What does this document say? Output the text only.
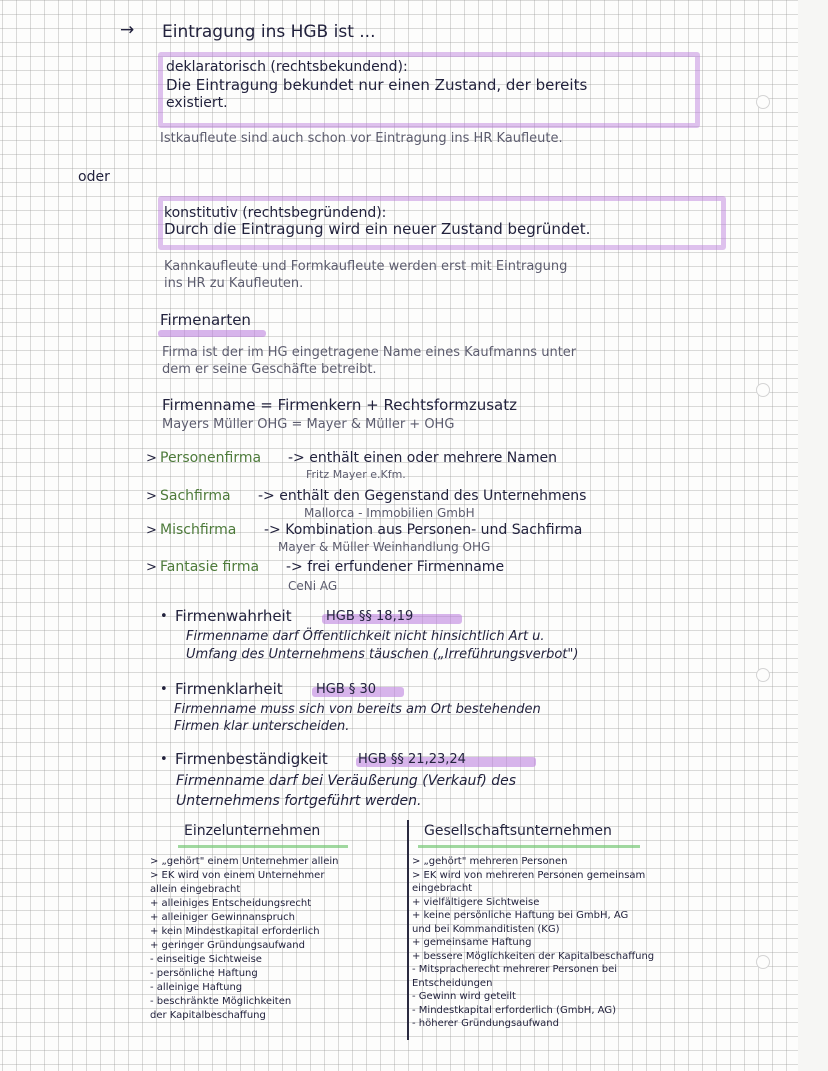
→ Eintragung ins HGB ist ...
oder
deklaratorisch (rechtsbekundend):
Die Eintragung bekundet nur einen Zustand, der bereits
existiert.
Istkaufleute sind auch schon vor Eintragung ins HR Kaufleute.
konstitutiv (rechtsbegründend):
Durch die Eintragung wird ein neuer Zustand begründet.
Kannkaufleute und Formkaufleute werden erst mit Eintragung
ins HR zu Kaufleuten.
Firmenarten
Firma ist der im HG eingetragene Name eines Kaufmanns unter
dem er seine Geschäfte betreibt.
Firmenname = Firmenkern + Rechtsformzusatz
Mayers Müller OHG = Mayer & Müller + OHG
> Personenfirma -> enthält einen oder mehrere Namen
Fritz Mayer e.Kfm.
> Sachfirma -> enthält den Gegenstand des Unternehmens
Mallorca - Immobilien GmbH
> Mischfirma -> Kombination aus Personen- und Sachfirma
Mayer & Müller Weinhandlung OHG
> Fantasie firma -> frei erfundener Firmenname
CeNi AG
• Firmenwahrheit	HGB §§ 18,19
Firmenname darf Öffentlichkeit nicht hinsichtlich Art u.
Umfang des Unternehmens täuschen („Irreführungsverbot")
• Firmenklarheit	HGB § 30
Firmenname muss sich von bereits am Ort bestehenden
Firmen klar unterscheiden.
• Firmenbeständigkeit HGB §§ 21,23,24
Firmenname darf bei Veräußerung (Verkauf) des
Unternehmens fortgeführt werden.
Einzelunternehmen	Gesellschaftsunternehmen
> „gehört" einem Unternehmer allein
> EK wird von einem Unternehmer
allein eingebracht
+ alleiniges Entscheidungsrecht
+ alleiniger Gewinnanspruch
+ kein Mindestkapital erforderlich
+ geringer Gründungsaufwand
- einseitige Sichtweise
- persönliche Haftung
- alleinige Haftung
- beschränkte Möglichkeiten
der Kapitalbeschaffung
> „gehört" mehreren Personen
> EK wird von mehreren Personen gemeinsam
eingebracht
+ vielfältigere Sichtweise
+ keine persönliche Haftung bei GmbH, AG
und bei Kommanditisten (KG)
+ gemeinsame Haftung
+ bessere Möglichkeiten der Kapitalbeschaffung
- Mitspracherecht mehrerer Personen bei
Entscheidungen
- Gewinn wird geteilt
- Mindestkapital erforderlich (GmbH, AG)
- höherer Gründungsaufwand
